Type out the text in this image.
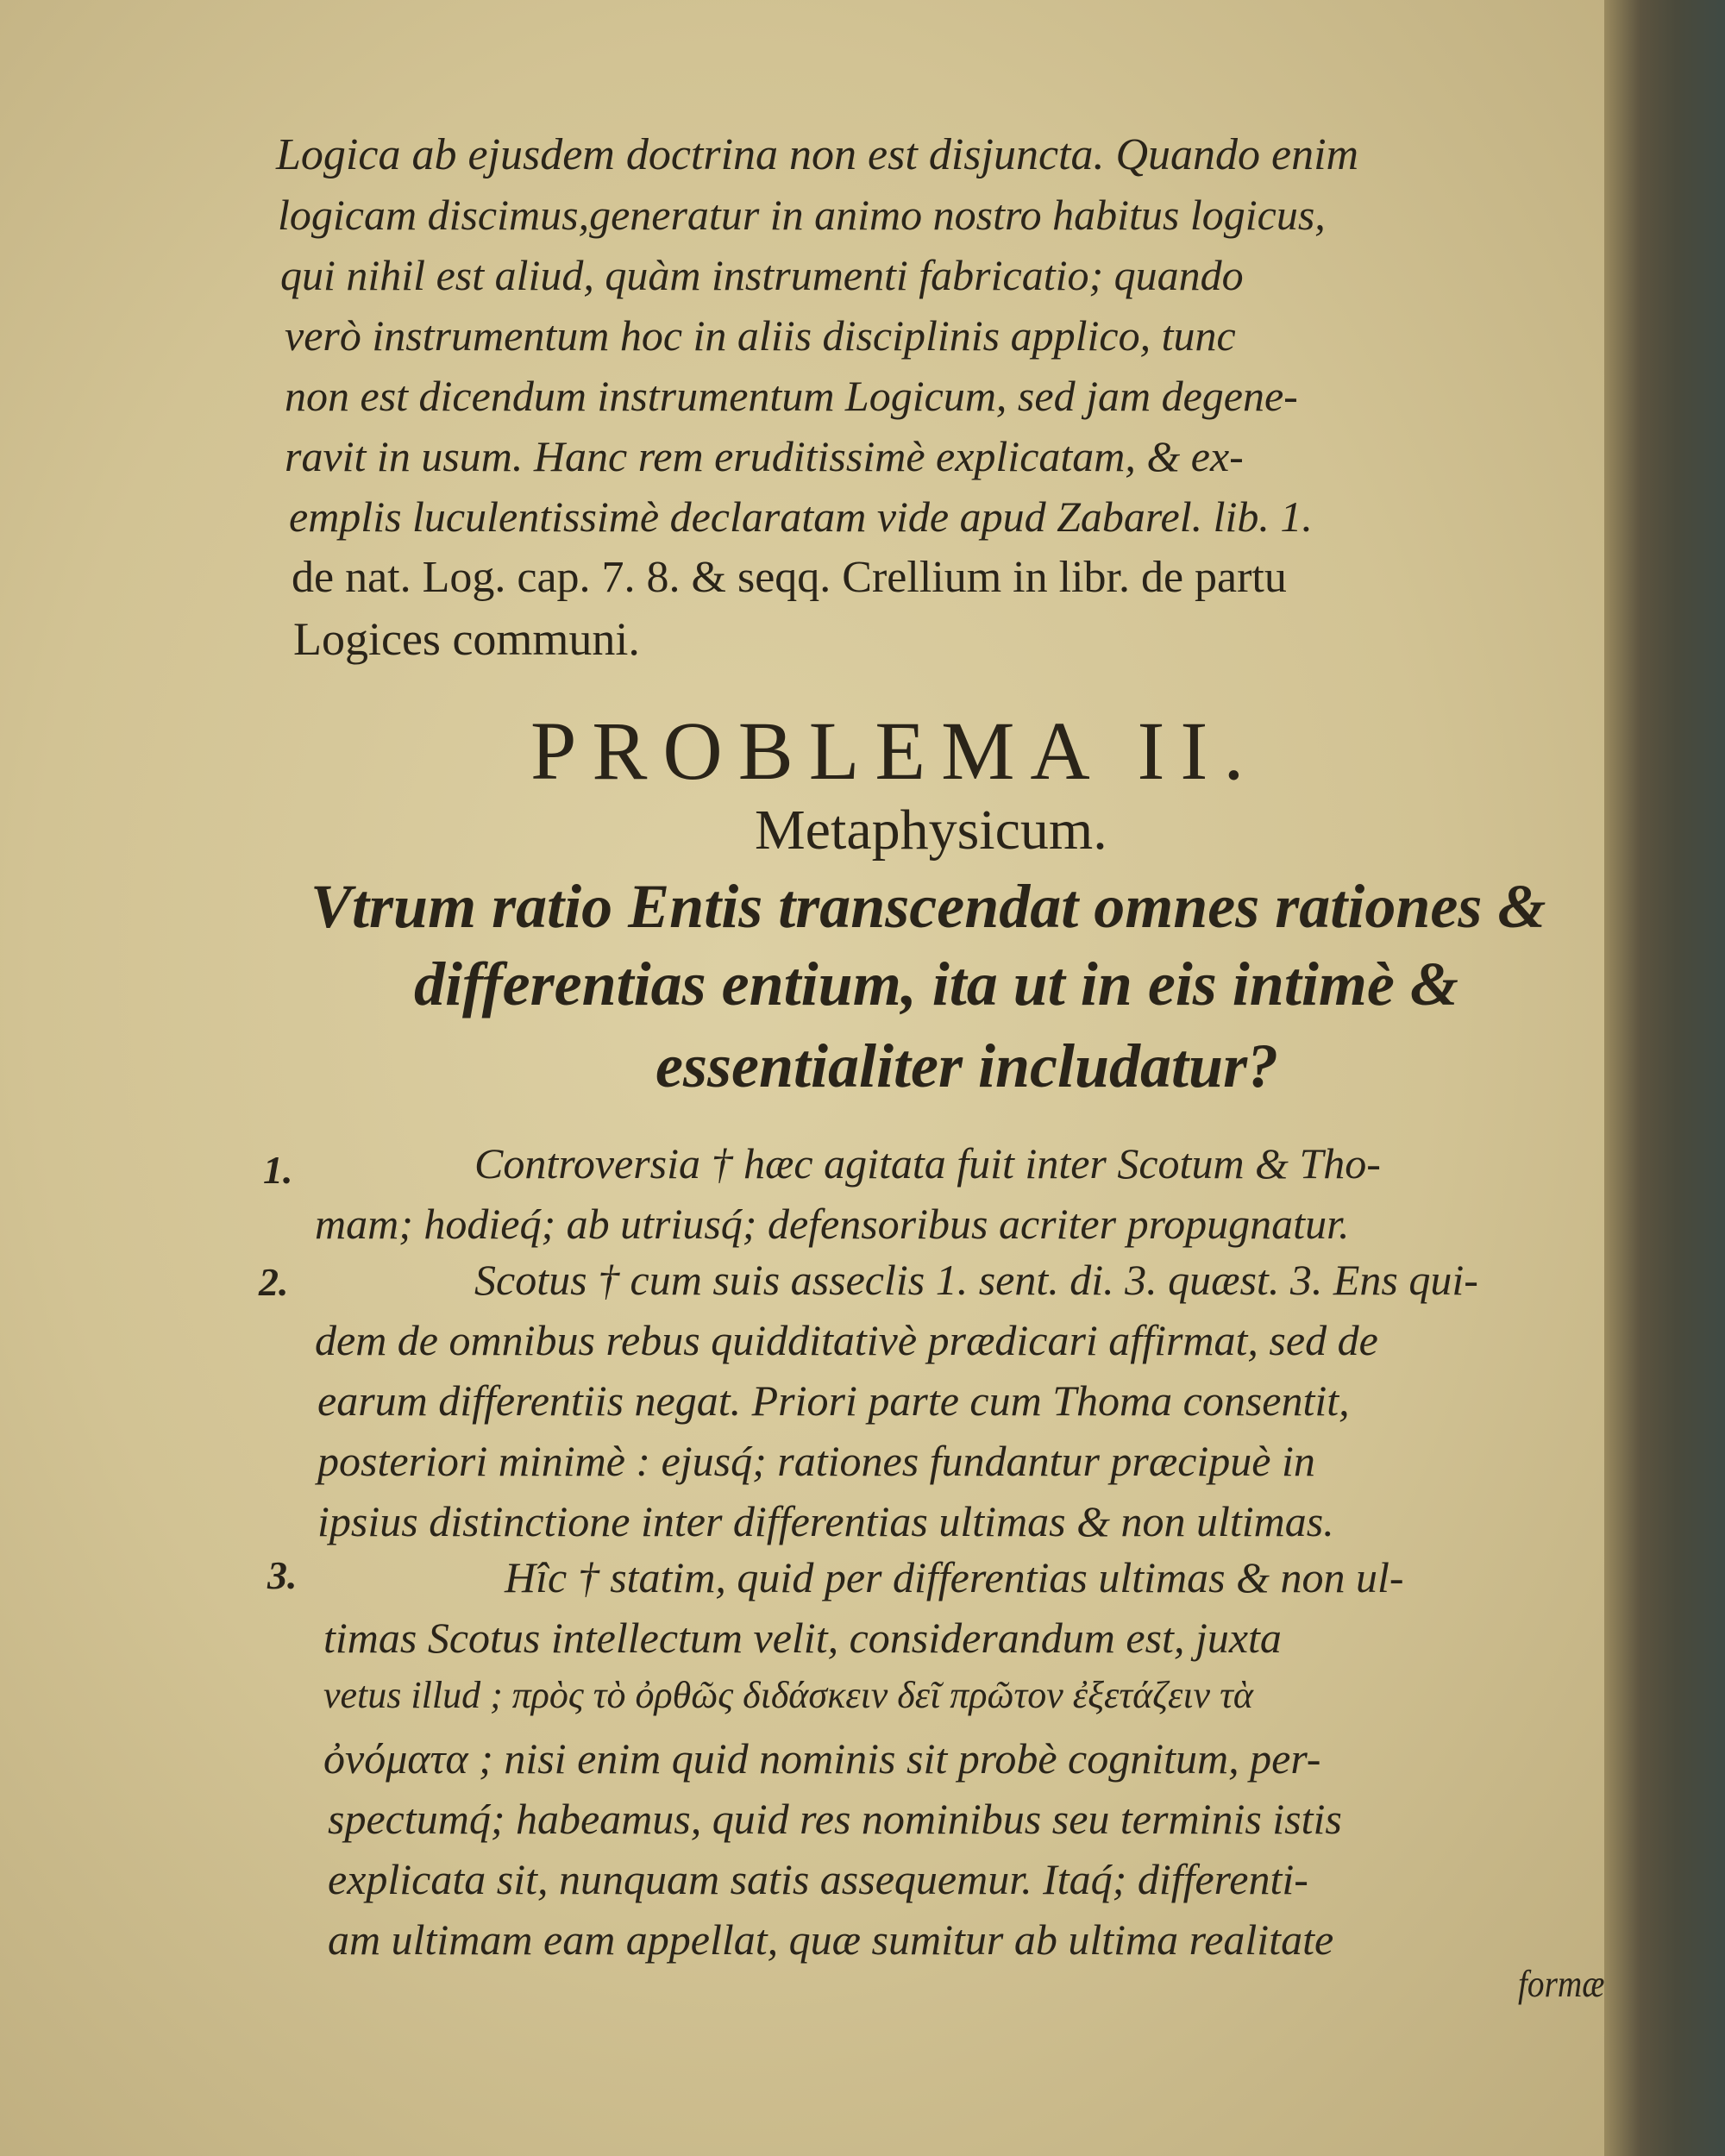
Logica ab ejusdem doctrina non est disjuncta. Quando enim
logicam discimus,generatur in animo nostro habitus logicus,
qui nihil est aliud, quàm instrumenti fabricatio; quando
verò instrumentum hoc in aliis disciplinis applico, tunc
non est dicendum instrumentum Logicum, sed jam degene-
ravit in usum. Hanc rem eruditissimè explicatam, & ex-
emplis luculentissimè declaratam vide apud Zabarel. lib. 1.
de nat. Log. cap. 7. 8. & seqq. Crellium in libr. de partu
Logices communi.
PROBLEMA II.
Metaphysicum.
Vtrum ratio Entis transcendat omnes rationes &
differentias entium, ita ut in eis intimè &
essentialiter includatur?
1.
2.
3.
Controversia † hæc agitata fuit inter Scotum & Tho-
mam; hodieq́; ab utriusq́; defensoribus acriter propugnatur.
Scotus † cum suis asseclis 1. sent. di. 3. quæst. 3. Ens qui-
dem de omnibus rebus quidditativè prædicari affirmat, sed de
earum differentiis negat. Priori parte cum Thoma consentit,
posteriori minimè : ejusq́; rationes fundantur præcipuè in
ipsius distinctione inter differentias ultimas & non ultimas.
Hîc † statim, quid per differentias ultimas & non ul-
timas Scotus intellectum velit, considerandum est, juxta
vetus illud ; πρὸς τὸ ὀρθῶς διδάσκειν δεῖ πρῶτον ἐξετάζειν τὰ
ὀνόματα ; nisi enim quid nominis sit probè cognitum, per-
spectumq́; habeamus, quid res nominibus seu terminis istis
explicata sit, nunquam satis assequemur. Itaq́; differenti-
am ultimam eam appellat, quæ sumitur ab ultima realitate
formæ
